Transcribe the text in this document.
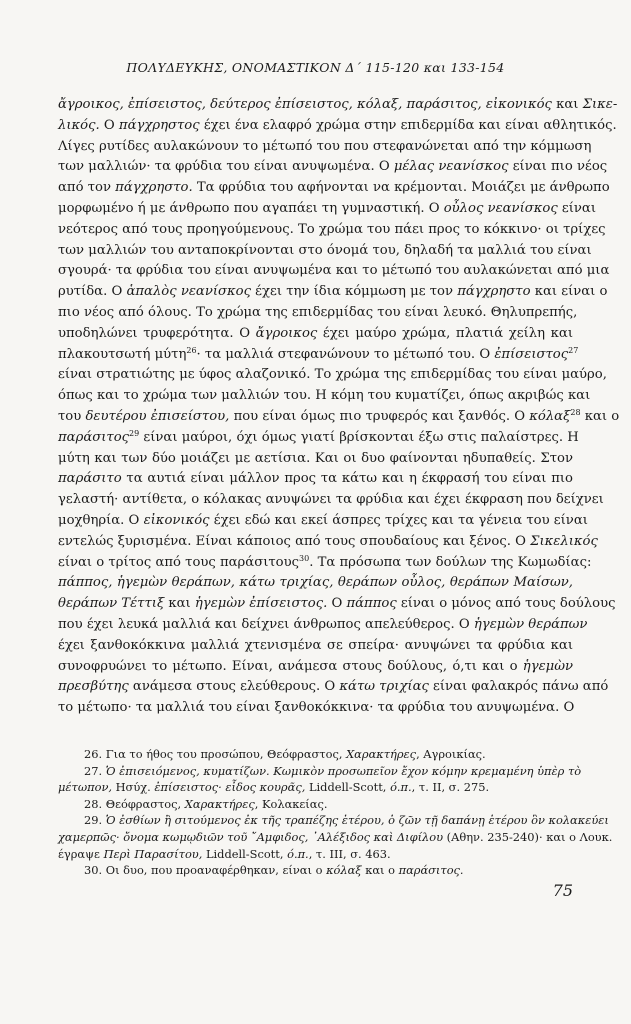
ΠΟΛΥΔΕΥΚΗΣ, ΟΝΟΜΑΣΤΙΚΟΝ Δ΄ 115-120 και 133-154
ἄγροικος, ἐπίσειστος, δεύτερος ἐπίσειστος, κόλαξ, παράσιτος, εἰκονικός και Σικε-
λικός. Ο πάγχρηστος έχει ένα ελαφρό χρώμα στην επιδερμίδα και είναι αθλητικός.
Λίγες ρυτίδες αυλακώνουν το μέτωπό του που στεφανώνεται από την κόμμωση
των μαλλιών· τα φρύδια του είναι ανυψωμένα. Ο μέλας νεανίσκος είναι πιο νέος
από τον πάγχρηστο. Τα φρύδια του αφήνονται να κρέμονται. Μοιάζει με άνθρωπο
μορφωμένο ή με άνθρωπο που αγαπάει τη γυμναστική. Ο οὖλος νεανίσκος είναι
νεότερος από τους προηγούμενους. Το χρώμα του πάει προς το κόκκινο· οι τρίχες
των μαλλιών του ανταποκρίνονται στο όνομά του, δηλαδή τα μαλλιά του είναι
σγουρά· τα φρύδια του είναι ανυψωμένα και το μέτωπό του αυλακώνεται από μια
ρυτίδα. Ο ἁπαλὸς νεανίσκος έχει την ίδια κόμμωση με τον πάγχρηστο και είναι ο
πιο νέος από όλους. Το χρώμα της επιδερμίδας του είναι λευκό. Θηλυπρεπής,
υποδηλώνει τρυφερότητα. Ο ἄγροικος έχει μαύρο χρώμα, πλατιά χείλη και
πλακουτσωτή μύτη$^{26}$· τα μαλλιά στεφανώνουν το μέτωπό του. Ο ἐπίσειστος$^{27}$
είναι στρατιώτης με ύφος αλαζονικό. Το χρώμα της επιδερμίδας του είναι μαύρο,
όπως και το χρώμα των μαλλιών του. Η κόμη του κυματίζει, όπως ακριβώς και
του δευτέρου ἐπισείστου, που είναι όμως πιο τρυφερός και ξανθός. Ο κόλαξ$^{28}$ και ο
παράσιτος$^{29}$ είναι μαύροι, όχι όμως γιατί βρίσκονται έξω στις παλαίστρες. Η
μύτη και των δύο μοιάζει με αετίσια. Και οι δυο φαίνονται ηδυπαθείς. Στον
παράσιτο τα αυτιά είναι μάλλον προς τα κάτω και η έκφρασή του είναι πιο
γελαστή· αντίθετα, ο κόλακας ανυψώνει τα φρύδια και έχει έκφραση που δείχνει
μοχθηρία. Ο εἰκονικός έχει εδώ και εκεί άσπρες τρίχες και τα γένεια του είναι
εντελώς ξυρισμένα. Είναι κάποιος από τους σπουδαίους και ξένος. Ο Σικελικός
είναι ο τρίτος από τους παράσιτους$^{30}$. Τα πρόσωπα των δούλων της Κωμωδίας:
πάππος, ἡγεμὼν θεράπων, κάτω τριχίας, θεράπων οὖλος, θεράπων Μαίσων,
θεράπων Τέττιξ και ἡγεμὼν ἐπίσειστος. Ο πάππος είναι ο μόνος από τους δούλους
που έχει λευκά μαλλιά και δείχνει άνθρωπος απελεύθερος. Ο ἡγεμὼν θεράπων
έχει ξανθοκόκκινα μαλλιά χτενισμένα σε σπείρα· ανυψώνει τα φρύδια και
συνοφρυώνει το μέτωπο. Είναι, ανάμεσα στους δούλους, ό,τι και ο ἡγεμὼν
πρεσβύτης ανάμεσα στους ελεύθερους. Ο κάτω τριχίας είναι φαλακρός πάνω από
το μέτωπο· τα μαλλιά του είναι ξανθοκόκκινα· τα φρύδια του ανυψωμένα. Ο
26. Για το ήθος του προσώπου, Θεόφραστος, Χαρακτήρες, Αγροικίας.
27. Ὁ ἐπισειόμενος, κυματίζων. Κωμικὸν προσωπεῖον ἔχον κόμην κρεμαμένη ὑπὲρ τὸ
μέτωπον, Ησύχ. ἐπίσειστος· εἶδος κουρᾶς, Liddell-Scott, ό.π., τ. II, σ. 275.
28. Θεόφραστος, Χαρακτήρες, Κολακείας.
29. Ὁ ἐσθίων ἢ σιτούμενος ἐκ τῆς τραπέζης ἑτέρου, ὁ ζῶν τῇ δαπάνῃ ἑτέρου ὃν κολακεύει
χαμερπῶς· ὄνομα κωμῳδιῶν τοῦ ῎Αμφιδος, ᾽Αλέξιδος καὶ Διφίλου (Αθην. 235-240)· και ο Λουκ.
έγραψε Περὶ Παρασίτου, Liddell-Scott, ό.π., τ. III, σ. 463.
30. Οι δυο, που προαναφέρθηκαν, είναι ο κόλαξ και ο παράσιτος.
75
